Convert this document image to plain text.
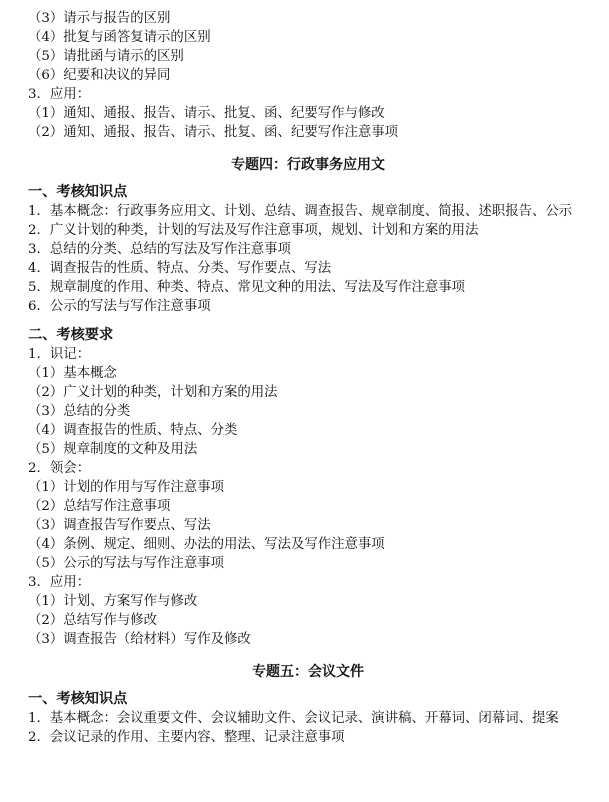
（3）请示与报告的区别
（4）批复与函答复请示的区别
（5）请批函与请示的区别
（6）纪要和决议的异同
3．应用：
（1）通知、通报、报告、请示、批复、函、纪要写作与修改
（2）通知、通报、报告、请示、批复、函、纪要写作注意事项
专题四：行政事务应用文
一、考核知识点
1．基本概念：行政事务应用文、计划、总结、调查报告、规章制度、简报、述职报告、公示
2．广义计划的种类，计划的写法及写作注意事项，规划、计划和方案的用法
3．总结的分类、总结的写法及写作注意事项
4．调查报告的性质、特点、分类、写作要点、写法
5．规章制度的作用、种类、特点、常见文种的用法、写法及写作注意事项
6．公示的写法与写作注意事项
二、考核要求
1．识记：
（1）基本概念
（2）广义计划的种类，计划和方案的用法
（3）总结的分类
（4）调查报告的性质、特点、分类
（5）规章制度的文种及用法
2．领会：
（1）计划的作用与写作注意事项
（2）总结写作注意事项
（3）调查报告写作要点、写法
（4）条例、规定、细则、办法的用法、写法及写作注意事项
（5）公示的写法与写作注意事项
3．应用：
（1）计划、方案写作与修改
（2）总结写作与修改
（3）调查报告（给材料）写作及修改
专题五：会议文件
一、考核知识点
1．基本概念：会议重要文件、会议辅助文件、会议记录、演讲稿、开幕词、闭幕词、提案
2．会议记录的作用、主要内容、整理、记录注意事项
